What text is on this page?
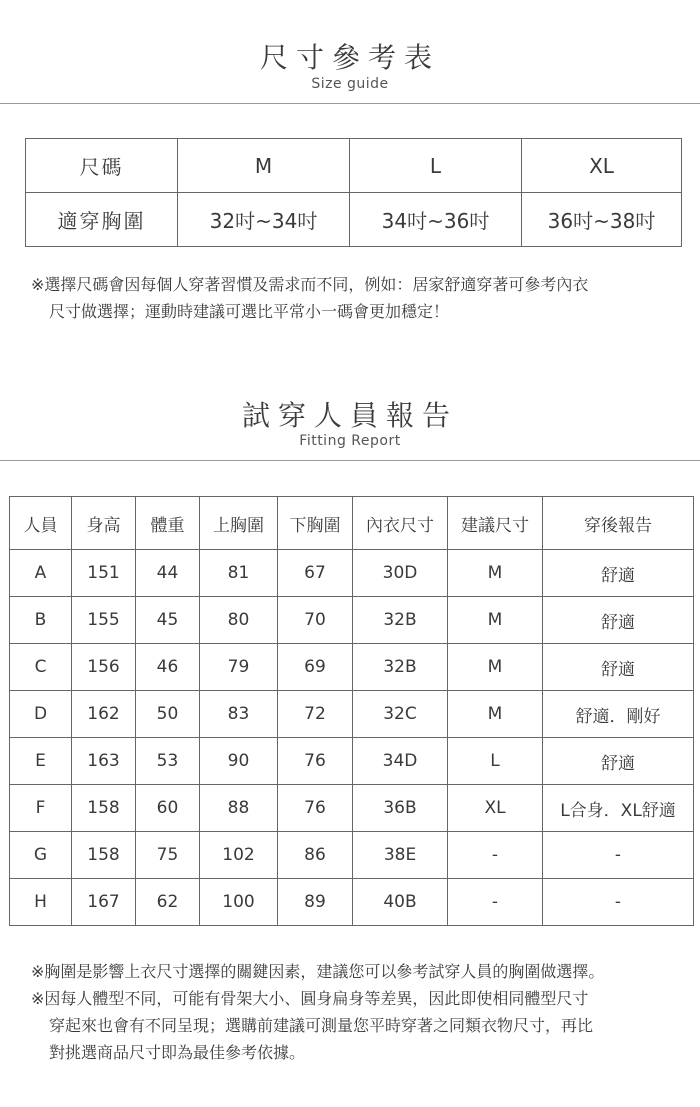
尺寸參考表
Size guide
尺碼	M	L	XL
適穿胸圍	32吋~34吋	34吋~36吋	36吋~38吋
※選擇尺碼會因每個人穿著習慣及需求而不同，例如：居家舒適穿著可參考內衣
尺寸做選擇；運動時建議可選比平常小一碼會更加穩定！
試穿人員報告
Fitting Report
人員	身高	體重	上胸圍	下胸圍	內衣尺寸	建議尺寸	穿後報告
A	151	44	81	67	30D	M	舒適
B	155	45	80	70	32B	M	舒適
C	156	46	79	69	32B	M	舒適
D	162	50	83	72	32C	M	舒適．剛好
E	163	53	90	76	34D	L	舒適
F	158	60	88	76	36B	XL	L合身．XL舒適
G	158	75	102	86	38E	-	-
H	167	62	100	89	40B	-	-
※胸圍是影響上衣尺寸選擇的關鍵因素，建議您可以參考試穿人員的胸圍做選擇。
※因每人體型不同，可能有骨架大小、圓身扁身等差異，因此即使相同體型尺寸
穿起來也會有不同呈現；選購前建議可測量您平時穿著之同類衣物尺寸，再比
對挑選商品尺寸即為最佳參考依據。
